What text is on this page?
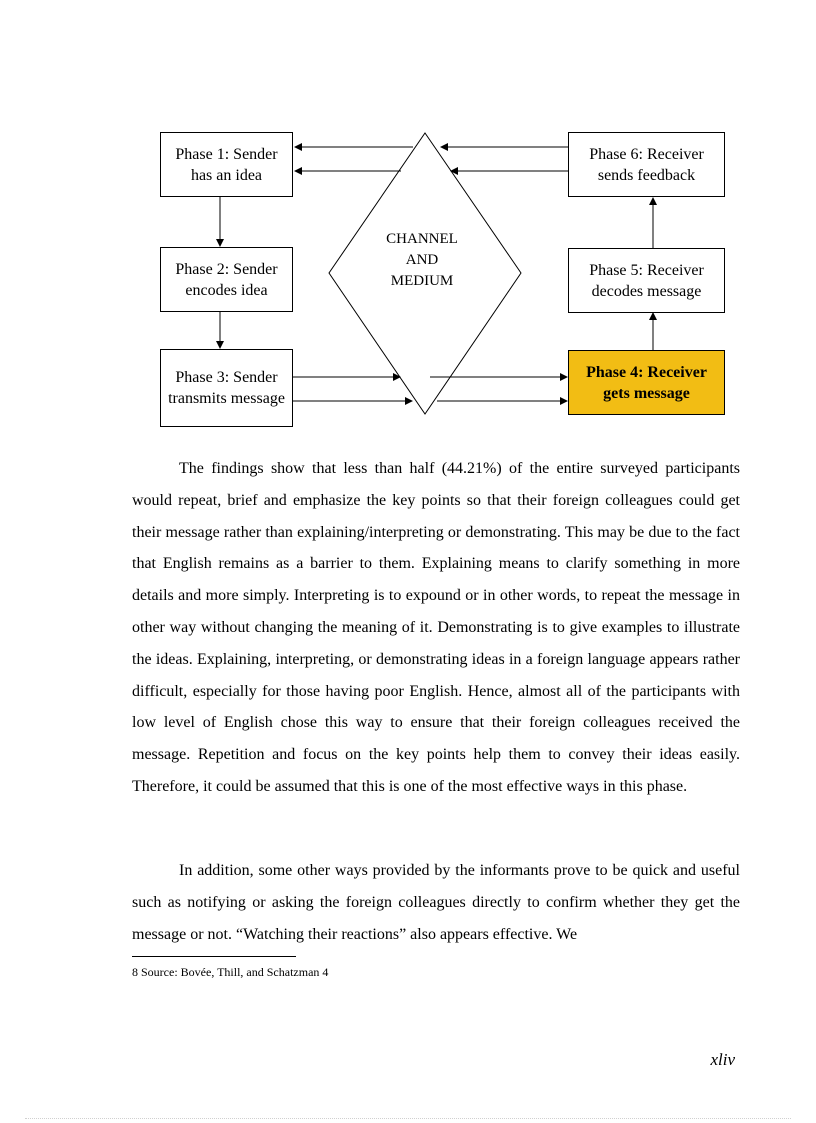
Phase 1: Sender has an idea
Phase 2: Sender encodes idea
Phase 3: Sender transmits message
Phase 4: Receiver gets message
Phase 5: Receiver decodes message
Phase 6: Receiver sends feedback
CHANNEL
AND
MEDIUM

The findings show that less than half (44.21%) of the entire surveyed participants would repeat, brief and emphasize the key points so that their foreign colleagues could get their message rather than explaining/interpreting or demonstrating. This may be due to the fact that English remains as a barrier to them. Explaining means to clarify something in more details and more simply. Interpreting is to expound or in other words, to repeat the message in other way without changing the meaning of it. Demonstrating is to give examples to illustrate the ideas. Explaining, interpreting, or demonstrating ideas in a foreign language appears rather difficult, especially for those having poor English. Hence, almost all of the participants with low level of English chose this way to ensure that their foreign colleagues received the message. Repetition and focus on the key points help them to convey their ideas easily. Therefore, it could be assumed that this is one of the most effective ways in this phase.

In addition, some other ways provided by the informants prove to be quick and useful such as notifying or asking the foreign colleagues directly to confirm whether they get the message or not. “Watching their reactions” also appears effective. We

8 Source: Bovée, Thill, and Schatzman 4
xliv
